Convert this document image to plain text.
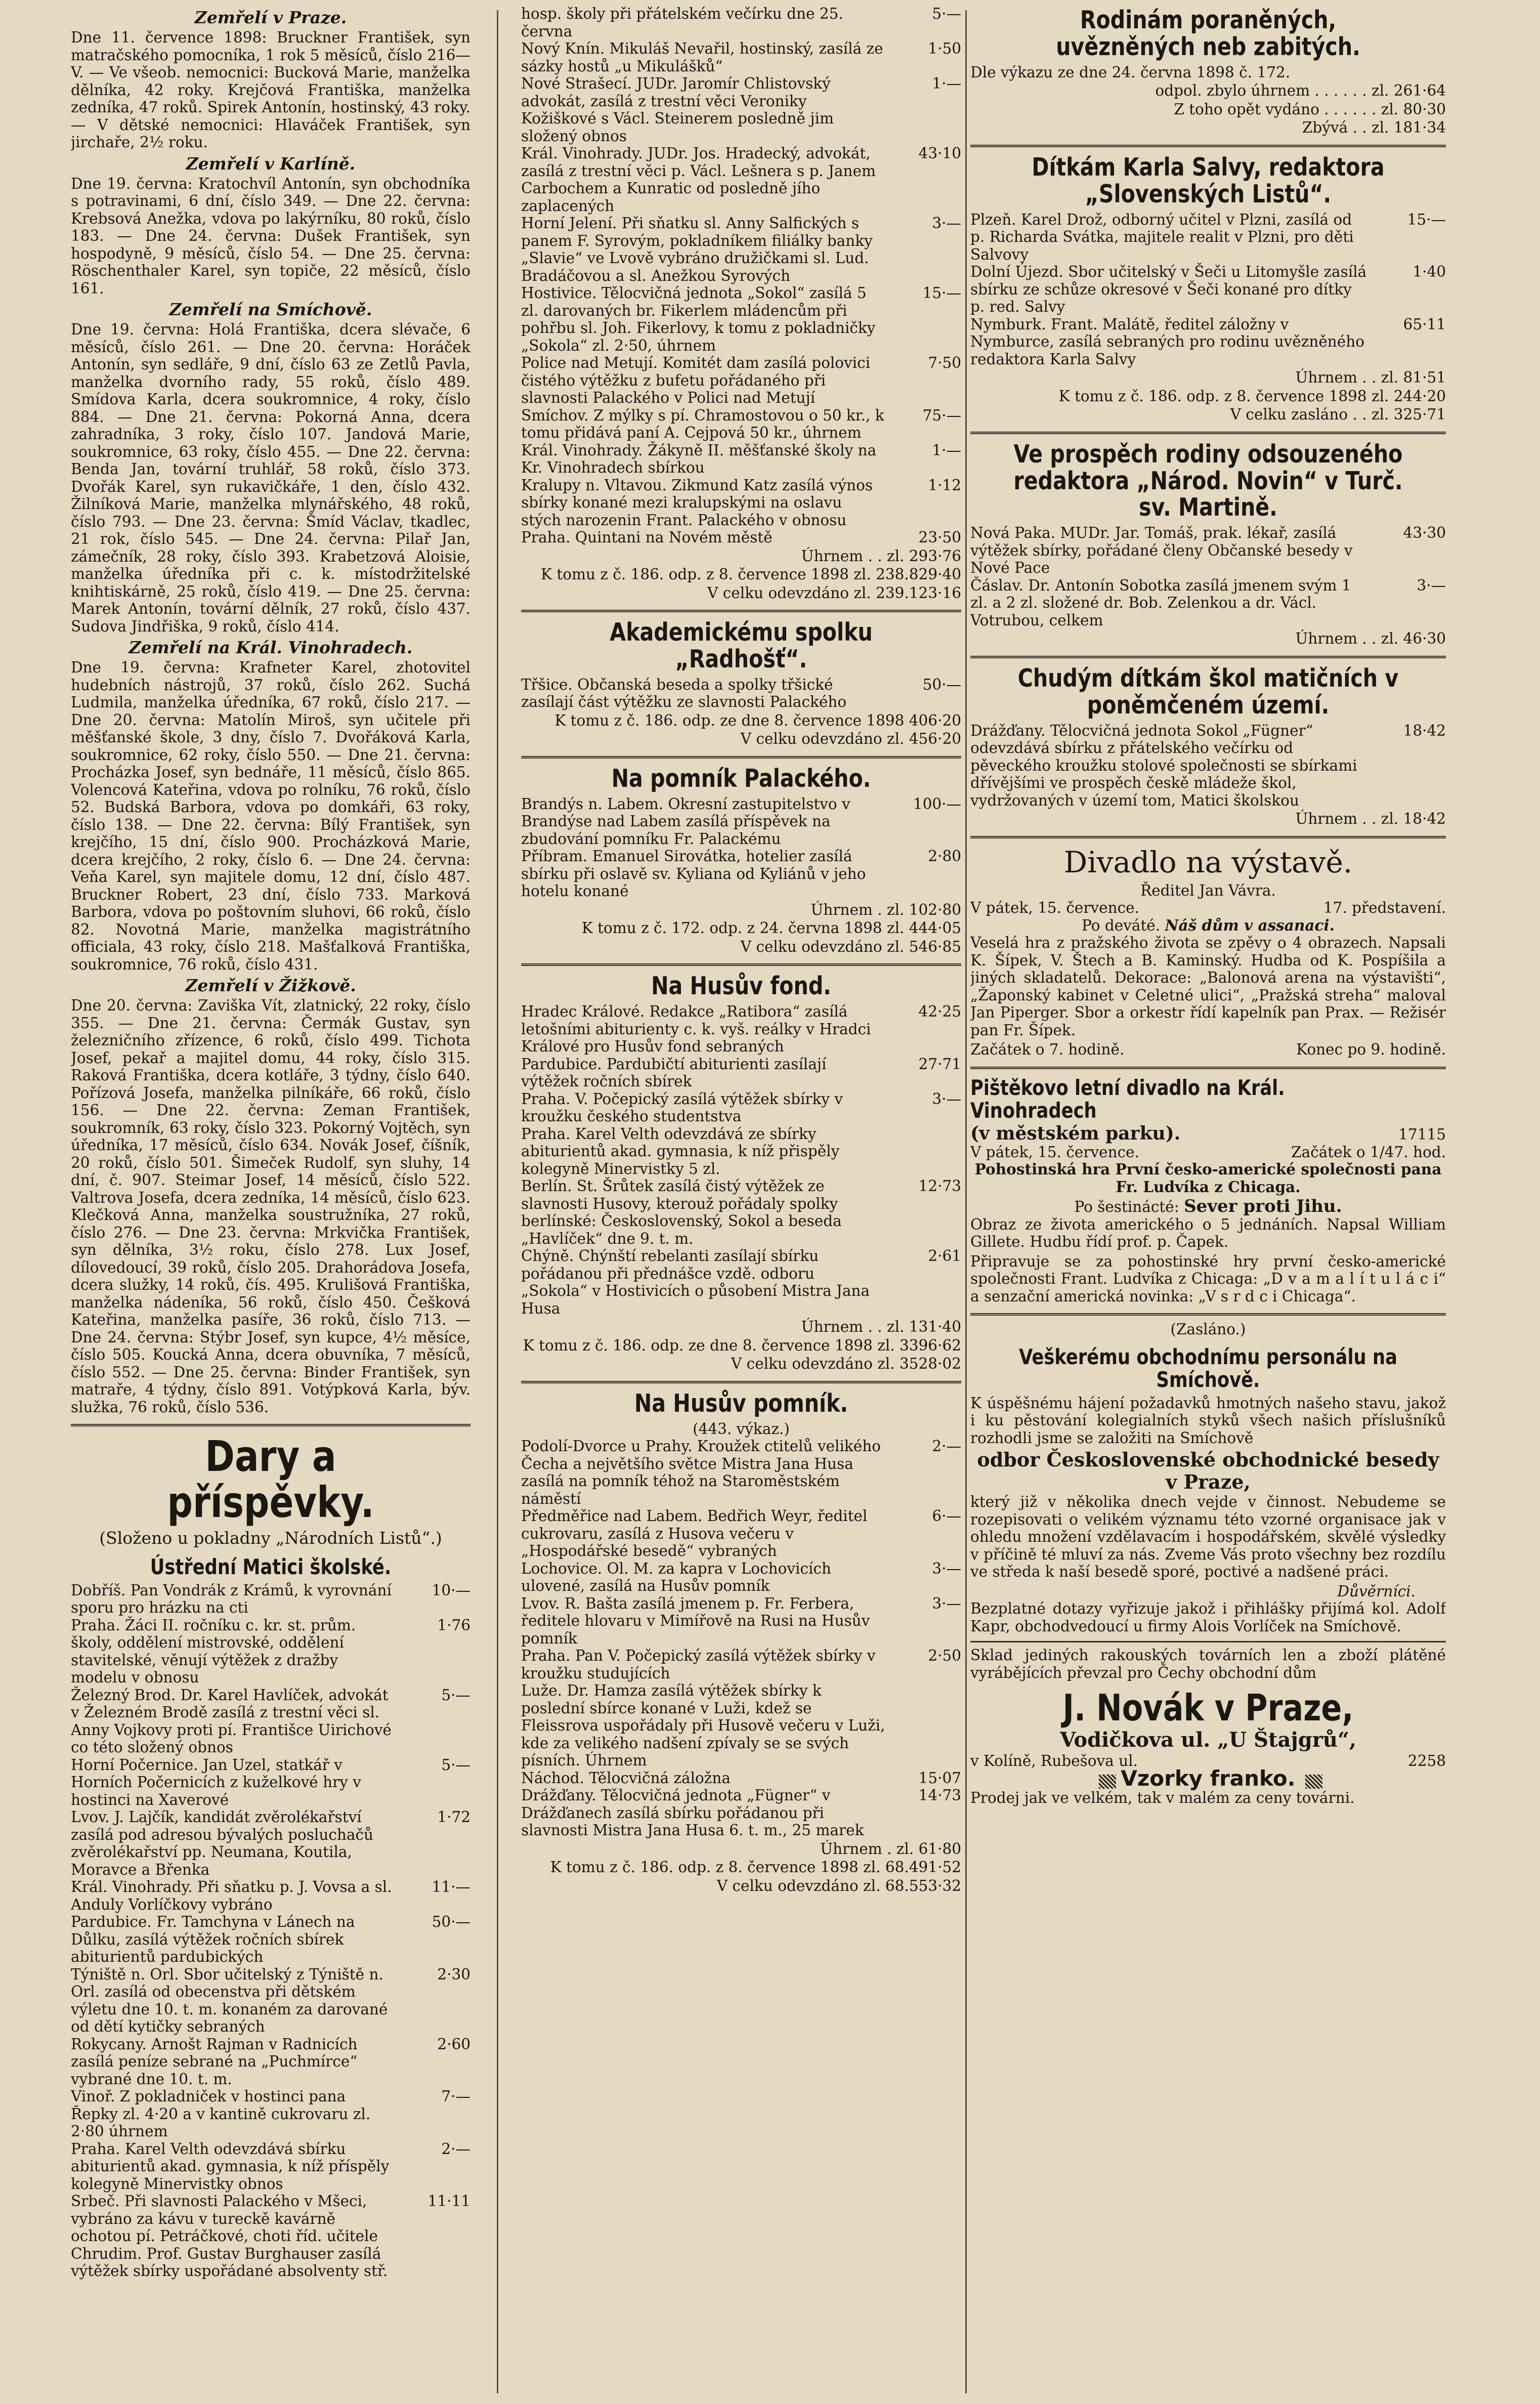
Zemřelí v Praze.

Dne 11. července 1898: Bruckner František, syn matračského pomocníka, 1 rok 5 měsíců, číslo 216—V. — Ve všeob. nemocnici: Bucková Marie, manželka dělníka, 42 roky. Krejčová Františka, manželka zedníka, 47 roků. Spirek Antonín, hostinský, 43 roky. — V dětské nemocnici: Hlaváček František, syn jirchaře, 2½ roku.

Zemřelí v Karlíně.

Dne 19. června: Kratochvíl Antonín, syn obchodníka s potravinami, 6 dní, číslo 349. — Dne 22. června: Krebsová Anežka, vdova po lakýrníku, 80 roků, číslo 183. — Dne 24. června: Dušek František, syn hospodyně, 9 měsíců, číslo 54. — Dne 25. června: Röschenthaler Karel, syn topiče, 22 měsíců, číslo 161.

Zemřelí na Smíchově.

Dne 19. června: Holá Františka, dcera slévače, 6 měsíců, číslo 261. — Dne 20. června: Horáček Antonín, syn sedláře, 9 dní, číslo 63 ze Zetlů Pavla, manželka dvorního rady, 55 roků, číslo 489. Smídova Karla, dcera soukromnice, 4 roky, číslo 884. — Dne 21. června: Pokorná Anna, dcera zahradníka, 3 roky, číslo 107. Jandová Marie, soukromnice, 63 roky, číslo 455. — Dne 22. června: Benda Jan, tovární truhlář, 58 roků, číslo 373. Dvořák Karel, syn rukavičkáře, 1 den, číslo 432. Žilníková Marie, manželka mlynářského, 48 roků, číslo 793. — Dne 23. června: Šmíd Václav, tkadlec, 21 rok, číslo 545. — Dne 24. června: Pilař Jan, zámečník, 28 roky, číslo 393. Krabetzová Aloisie, manželka úředníka při c. k. místodržitelské knihtiskárně, 25 roků, číslo 419. — Dne 25. června: Marek Antonín, tovární dělník, 27 roků, číslo 437. Sudova Jindřiška, 9 roků, číslo 414.

Zemřelí na Král. Vinohradech.

Dne 19. června: Krafneter Karel, zhotovitel hudebních nástrojů, 37 roků, číslo 262. Suchá Ludmila, manželka úředníka, 67 roků, číslo 217. — Dne 20. června: Matolín Miroš, syn učitele při měšťanské škole, 3 dny, číslo 7. Dvořáková Karla, soukromnice, 62 roky, číslo 550. — Dne 21. června: Procházka Josef, syn bednáře, 11 měsíců, číslo 865. Volencová Kateřina, vdova po rolníku, 76 roků, číslo 52. Budská Barbora, vdova po domkáři, 63 roky, číslo 138. — Dne 22. června: Bílý František, syn krejčího, 15 dní, číslo 900. Procházková Marie, dcera krejčího, 2 roky, číslo 6. — Dne 24. června: Veňa Karel, syn majitele domu, 12 dní, číslo 487. Bruckner Robert, 23 dní, číslo 733. Marková Barbora, vdova po poštovním sluhovi, 66 roků, číslo 82. Novotná Marie, manželka magistrátního officiala, 43 roky, číslo 218. Mašťalková Františka, soukromnice, 76 roků, číslo 431.

Zemřelí v Žižkově.

Dne 20. června: Zaviška Vít, zlatnický, 22 roky, číslo 355. — Dne 21. června: Čermák Gustav, syn železničního zřízence, 6 roků, číslo 499. Tichota Josef, pekař a majitel domu, 44 roky, číslo 315. Raková Františka, dcera kotláře, 3 týdny, číslo 640. Pořízová Josefa, manželka pilníkáře, 66 roků, číslo 156. — Dne 22. června: Zeman František, soukromník, 63 roky, číslo 323. Pokorný Vojtěch, syn úředníka, 17 měsíců, číslo 634. Novák Josef, číšník, 20 roků, číslo 501. Šimeček Rudolf, syn sluhy, 14 dní, č. 907. Steimar Josef, 14 měsíců, číslo 522. Valtrova Josefa, dcera zedníka, 14 měsíců, číslo 623. Klečková Anna, manželka soustružníka, 27 roků, číslo 276. — Dne 23. června: Mrkvička František, syn dělníka, 3½ roku, číslo 278. Lux Josef, dílovedoucí, 39 roků, číslo 205. Drahorádova Josefa, dcera služky, 14 roků, čís. 495. Krulišová Františka, manželka nádeníka, 56 roků, číslo 450. Češková Kateřina, manželka pasíře, 36 roků, číslo 713. — Dne 24. června: Stýbr Josef, syn kupce, 4½ měsíce, číslo 505. Koucká Anna, dcera obuvníka, 7 měsíců, číslo 552. — Dne 25. června: Binder František, syn matraře, 4 týdny, číslo 891. Votýpková Karla, býv. služka, 76 roků, číslo 536.

Dary a příspěvky.
(Složeno u pokladny „Národních Listů“.)
Ústřední Matici školské.
Dobříš. Pan Vondrák z Krámů, k vyrovnání sporu pro hrázku na cti
10·—
Praha. Žáci II. ročníku c. kr. st. prům. školy, oddělení mistrovské, oddělení stavitelské, věnují výtěžek z dražby modelu v obnosu
1·76
Železný Brod. Dr. Karel Havlíček, advokát v Železném Brodě zasílá z trestní věci sl. Anny Vojkovy proti pí. Františce Uirichové co této složený obnos
5·—
Horní Počernice. Jan Uzel, statkář v Horních Počernicích z kuželkové hry v hostinci na Xaverové
5·—
Lvov. J. Lajčík, kandidát zvěrolékařství zasílá pod adresou bývalých posluchačů zvěrolékařství pp. Neumana, Koutila, Moravce a Břenka
1·72
Král. Vinohrady. Při sňatku p. J. Vovsa a sl. Anduly Vorlíčkovy vybráno
11·—
Pardubice. Fr. Tamchyna v Lánech na Důlku, zasílá výtěžek ročních sbírek abiturientů pardubických
50·—
Týniště n. Orl. Sbor učitelský z Týniště n. Orl. zasílá od obecenstva při dětském výletu dne 10. t. m. konaném za darované od dětí kytičky sebraných
2·30
Rokycany. Arnošt Rajman v Radnicích zasílá peníze sebrané na „Puchmírce“ vybrané dne 10. t. m.
2·60
Vinoř. Z pokladniček v hostinci pana Řepky zl. 4·20 a v kantině cukrovaru zl. 2·80 úhrnem
7·—
Praha. Karel Velth odevzdává sbírku abiturientů akad. gymnasia, k níž příspěly kolegyně Minervistky obnos
2·—
Srbeč. Při slavnosti Palackého v Mšeci, vybráno za kávu v tureckě kavárně ochotou pí. Petráčkové, choti říd. učitele
11·11
Chrudim. Prof. Gustav Burghauser zasílá výtěžek sbírky uspořádané absolventy stř.
hosp. školy při přátelském večírku dne 25. června
5·—
Nový Knín. Mikuláš Nevařil, hostinský, zasílá ze sázky hostů „u Mikulášků“
1·50
Nové Strašecí. JUDr. Jaromír Chlistovský advokát, zasílá z trestní věci Veroniky Kožiškové s Václ. Steinerem posledně jim složený obnos
1·—
Král. Vinohrady. JUDr. Jos. Hradecký, advokát, zasílá z trestní věci p. Václ. Lešnera s p. Janem Carbochem a Kunratic od posledně jího zaplacených
43·10
Horní Jelení. Při sňatku sl. Anny Salfických s panem F. Syrovým, pokladníkem filiálky banky „Slavie“ ve Lvově vybráno družičkami sl. Lud. Bradáčovou a sl. Anežkou Syrových
3·—
Hostivice. Tělocvičná jednota „Sokol“ zasílá 5 zl. darovaných br. Fikerlem mládencům při pohřbu sl. Joh. Fikerlovy, k tomu z pokladničky „Sokola“ zl. 2·50, úhrnem
15·—
Police nad Metují. Komitét dam zasílá polovici čistého výtěžku z bufetu pořádaného při slavnosti Palackého v Polici nad Metují
7·50
Smíchov. Z mýlky s pí. Chramostovou o 50 kr., k tomu přidává paní A. Cejpová 50 kr., úhrnem
75·—
Král. Vinohrady. Žákyně II. měšťanské školy na Kr. Vinohradech sbírkou
1·—
Kralupy n. Vltavou. Zikmund Katz zasílá výnos sbírky konané mezi kralupskými na oslavu stých narozenin Frant. Palackého v obnosu
1·12
Praha. Quintani na Novém městě	23·50
Úhrnem . . zl. 293·76
K tomu z č. 186. odp. z 8. července 1898 zl. 238.829·40
V celku odevzdáno zl. 239.123·16
Akademickému spolku „Radhošť“.
Třšice. Občanská beseda a spolky třšické zasílají část výtěžku ze slavnosti Palackého
50·—
K tomu z č. 186. odp. ze dne 8. července 1898 406·20
V celku odevzdáno zl. 456·20
Na pomník Palackého.
Brandýs n. Labem. Okresní zastupitelstvo v Brandýse nad Labem zasílá příspěvek na zbudování pomníku Fr. Palackému
100·—
Příbram. Emanuel Sirovátka, hotelier zasílá sbírku při oslavě sv. Kyliana od Kyliánů v jeho hotelu konané
2·80
Úhrnem . zl. 102·80
K tomu z č. 172. odp. z 24. června 1898 zl. 444·05
V celku odevzdáno zl. 546·85
Na Husův fond.
Hradec Králové. Redakce „Ratibora“ zasílá letošními abiturienty c. k. vyš. reálky v Hradci Králové pro Husův fond sebraných
42·25
Pardubice. Pardubičtí abiturienti zasílají výtěžek ročních sbírek
27·71
Praha. V. Počepický zasílá výtěžek sbírky v kroužku českého studentstva
3·—
Praha. Karel Velth odevzdává ze sbírky abiturientů akad. gymnasia, k níž přispěly kolegyně Minervistky 5 zl.
Berlín. St. Šrůtek zasílá čistý výtěžek ze slavnosti Husovy, kterouž pořádaly spolky berlínské: Československý, Sokol a beseda „Havlíček“ dne 9. t. m.
12·73
Chýně. Chýnští rebelanti zasílají sbírku pořádanou při přednášce vzdě. odboru „Sokola“ v Hostivicích o působení Mistra Jana Husa
2·61
Úhrnem . . zl. 131·40
K tomu z č. 186. odp. ze dne 8. července 1898 zl. 3396·62
V celku odevzdáno zl. 3528·02
Na Husův pomník.
(443. výkaz.)
Podolí-Dvorce u Prahy. Kroužek ctitelů velikého Čecha a největšího světce Mistra Jana Husa zasílá na pomník téhož na Staroměstském náměstí
2·—
Předměřice nad Labem. Bedřich Weyr, ředitel cukrovaru, zasílá z Husova večeru v „Hospodářské besedě“ vybraných
6·—
Lochovice. Ol. M. za kapra v Lochovicích ulovené, zasílá na Husův pomník
3·—
Lvov. R. Bašta zasílá jmenem p. Fr. Ferbera, ředitele hlovaru v Mimířově na Rusi na Husův pomník
3·—
Praha. Pan V. Počepický zasílá výtěžek sbírky v kroužku studujících
2·50
Luže. Dr. Hamza zasílá výtěžek sbírky k poslední sbírce konané v Luži, kdež se Fleissrova uspořádaly při Husově večeru v Luži, kde za velikého nadšení zpívaly se se svých písních. Úhrnem
Náchod. Tělocvičná záložna	15·07
Drážďany. Tělocvičná jednota „Fügner“ v Drážďanech zasílá sbírku pořádanou při slavnosti Mistra Jana Husa 6. t. m., 25 marek
14·73
Úhrnem . zl. 61·80
K tomu z č. 186. odp. z 8. července 1898 zl. 68.491·52
V celku odevzdáno zl. 68.553·32
Rodinám poraněných, uvězněných neb zabitých.
Dle výkazu ze dne 24. června 1898 č. 172.
odpol. zbylo úhrnem . . . . . . zl. 261·64
Z toho opět vydáno . . . . . . zl. 80·30
Zbývá . . zl. 181·34
Dítkám Karla Salvy, redaktora „Slovenských Listů“.
Plzeň. Karel Drož, odborný učitel v Plzni, zasílá od p. Richarda Svátka, majitele realit v Plzni, pro děti Salvovy
15·—
Dolní Újezd. Sbor učitelský v Šeči u Litomyšle zasílá sbírku ze schůze okresové v Šeči konané pro dítky p. red. Salvy
1·40
Nymburk. Frant. Malátě, ředitel záložny v Nymburce, zasílá sebraných pro rodinu uvězněného redaktora Karla Salvy
65·11
Úhrnem . . zl. 81·51
K tomu z č. 186. odp. z 8. července 1898 zl. 244·20
V celku zasláno . . zl. 325·71
Ve prospěch rodiny odsouzeného redaktora „Národ. Novin“ v Turč. sv. Martině.
Nová Paka. MUDr. Jar. Tomáš, prak. lékař, zasílá výtěžek sbírky, pořádané členy Občanské besedy v Nové Pace
43·30
Čáslav. Dr. Antonín Sobotka zasílá jmenem svým 1 zl. a 2 zl. složené dr. Bob. Zelenkou a dr. Václ. Votrubou, celkem
3·—
Úhrnem . . zl. 46·30
Chudým dítkám škol matičních v poněmčeném území.
Drážďany. Tělocvičná jednota Sokol „Fügner“ odevzdává sbírku z přátelského večírku od pěveckého kroužku stolové společnosti se sbírkami dřívějšími ve prospěch českě mládeže škol, vydržovaných v území tom, Matici školskou
18·42
Úhrnem . . zl. 18·42
Divadlo na výstavě.
Ředitel Jan Vávra.
V pátek, 15. července.	17. představení.
Po deváté. Náš dům v assanaci.

Veselá hra z pražského života se zpěvy o 4 obrazech. Napsali K. Šípek, V. Štech a B. Kaminský. Hudba od K. Pospíšila a jiných skladatelů. Dekorace: „Balonová arena na výstavišti“, „Žaponský kabinet v Celetné ulici“, „Pražská streha“ maloval Jan Piperger. Sbor a orkestr řídí kapelník pan Prax. — Režisér pan Fr. Šípek.

Začátek o 7. hodině.	Konec po 9. hodině.
Pištěkovo letní divadlo na Král. Vinohradech
(v městském parku).	17115
V pátek, 15. července.	Začátek o 1/47. hod.

Pohostinská hra První česko-americké společnosti pana Fr. Ludvíka z Chicaga.

Po šestinácté: Sever proti Jihu.

Obraz ze života amerického o 5 jednáních. Napsal William Gillete. Hudbu řídí prof. p. Čapek.

Připravuje se za pohostinské hry první česko-americké společnosti Frant. Ludvíka z Chicaga: „D v a m a l í t u l á c i“ a senzační americká novinka: „V s r d c i Chicaga“.

(Zasláno.)
Veškerému obchodnímu personálu na Smíchově.

K úspěšnému hájení požadavků hmotných našeho stavu, jakož i ku pěstování kolegialních styků všech našich příslušníků rozhodli jsme se založiti na Smíchově

odbor Československé obchodnické besedy v Praze,

který již v několika dnech vejde v činnost. Nebudeme se rozepisovati o velikém významu této vzorné organisace jak v ohledu množení vzdělavacím i hospodářském, skvělé výsledky v příčině té mluví za nás. Zveme Vás proto všechny bez rozdílu ve středa k naší besedě sporé, poctivé a nadšené práci.

Důvěrníci.

Bezplatné dotazy vyřizuje jakož i přihlášky přijímá kol. Adolf Kapr, obchodvedoucí u firmy Alois Vorlíček na Smíchově.

Sklad jediných rakouských továrních len a zboží plátěné vyrábějících převzal pro Čechy obchodní dům

J. Novák v Praze,
Vodičkova ul. „U Štajgrů“,
v Kolíně, Rubešova ul.	2258
Vzorky franko.
Prodej jak ve velkém, tak v malém za ceny továrni.
